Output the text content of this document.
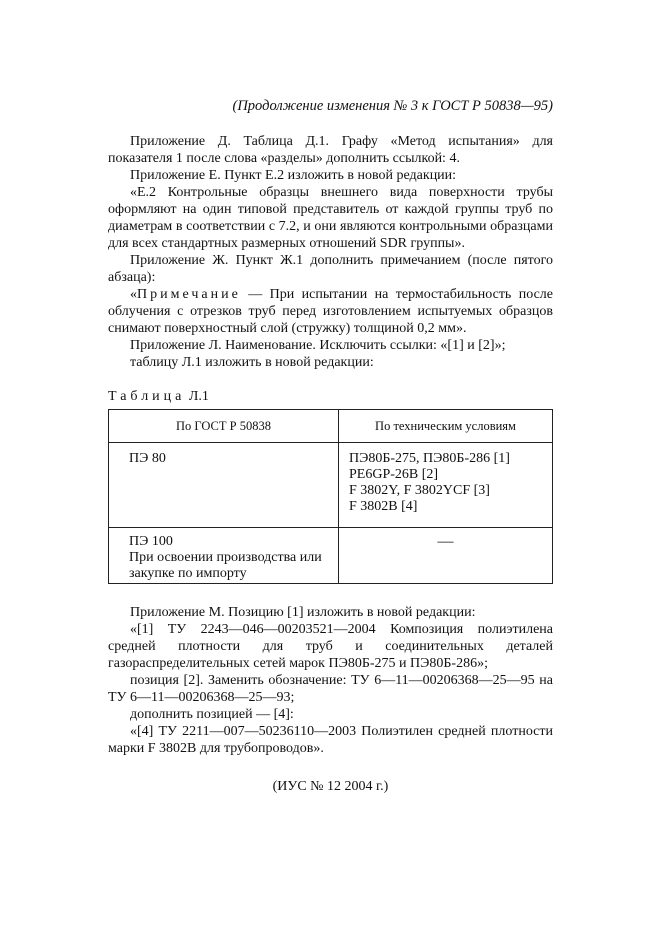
(Продолжение изменения № 3 к ГОСТ Р 50838—95)

Приложение Д. Таблица Д.1. Графу «Метод испытания» для показателя 1 после слова «разделы» дополнить ссылкой: 4.

Приложение Е. Пункт Е.2 изложить в новой редакции:

«Е.2 Контрольные образцы внешнего вида поверхности трубы оформляют на один типовой представитель от каждой группы труб по диаметрам в соответствии с 7.2, и они являются контрольными образцами для всех стандартных размерных отношений SDR группы».

Приложение Ж. Пункт Ж.1 дополнить примечанием (после пятого абзаца):

«Примечание — При испытании на термостабильность после облучения с отрезков труб перед изготовлением испытуемых образцов снимают поверхностный слой (стружку) толщиной 0,2 мм».

Приложение Л. Наименование. Исключить ссылки: «[1] и [2]»;

таблицу Л.1 изложить в новой редакции:

Таблица Л.1

По ГОСТ Р 50838	По техническим условиям

ПЭ 80	ПЭ80Б-275, ПЭ80Б-286 [1]
PE6GP-26B [2]
F 3802Y, F 3802YCF [3]
F 3802B [4]

ПЭ 100
При освоении производства или
закупке по импорту	—

Приложение М. Позицию [1] изложить в новой редакции:

«[1] ТУ 2243—046—00203521—2004 Композиция полиэтилена средней плотности для труб и соединительных деталей газораспределительных сетей марок ПЭ80Б-275 и ПЭ80Б-286»;

позиция [2]. Заменить обозначение: ТУ 6—11—00206368—25—95 на ТУ 6—11—00206368—25—93;

дополнить позицией — [4]:

«[4] ТУ 2211—007—50236110—2003 Полиэтилен средней плотности марки F 3802B для трубопроводов».

(ИУС № 12 2004 г.)
